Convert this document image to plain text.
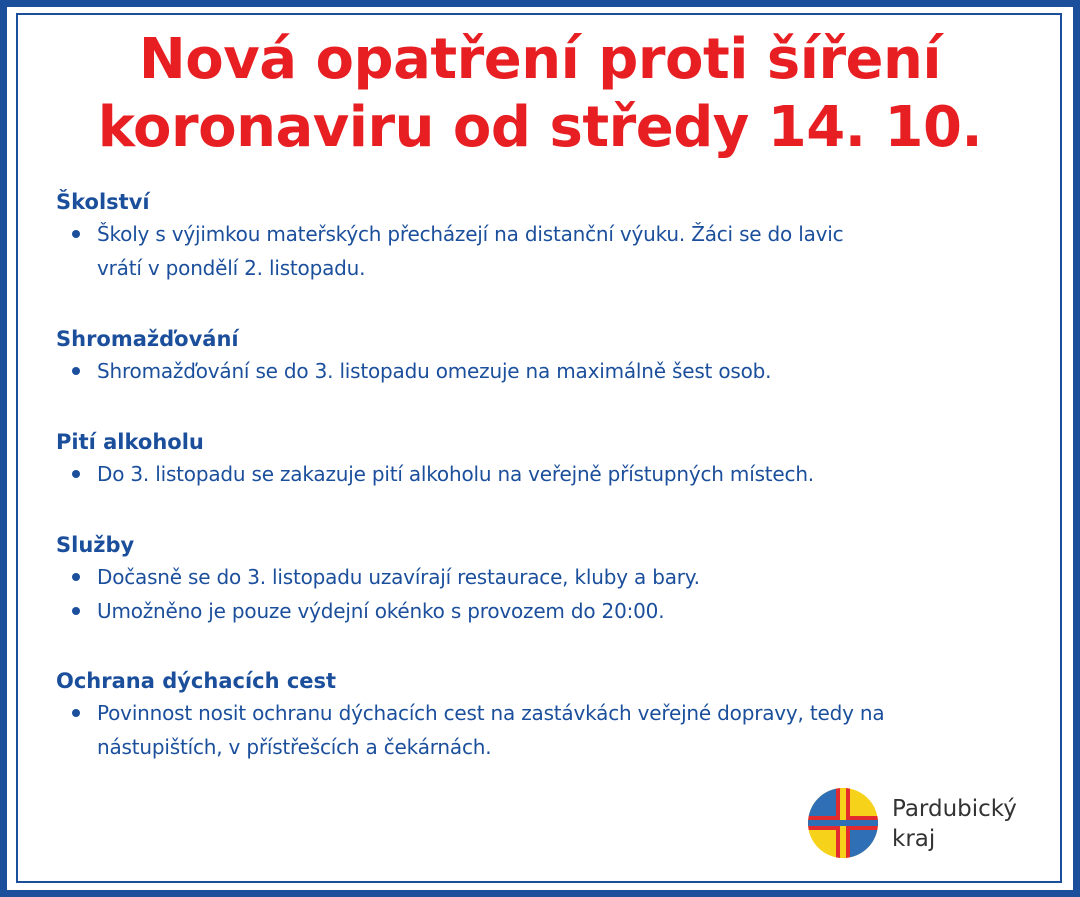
Nová opatření proti šíření
koronaviru od středy 14. 10.
Školství
Školy s výjimkou mateřských přecházejí na distanční výuku. Žáci se do lavic
vrátí v pondělí 2. listopadu.
Shromažďování
Shromažďování se do 3. listopadu omezuje na maximálně šest osob.
Pití alkoholu
Do 3. listopadu se zakazuje pití alkoholu na veřejně přístupných místech.
Služby
Dočasně se do 3. listopadu uzavírají restaurace, kluby a bary.
Umožněno je pouze výdejní okénko s provozem do 20:00.
Ochrana dýchacích cest
Povinnost nosit ochranu dýchacích cest na zastávkách veřejné dopravy, tedy na
nástupištích, v přístřešcích a čekárnách.
Pardubický
kraj
